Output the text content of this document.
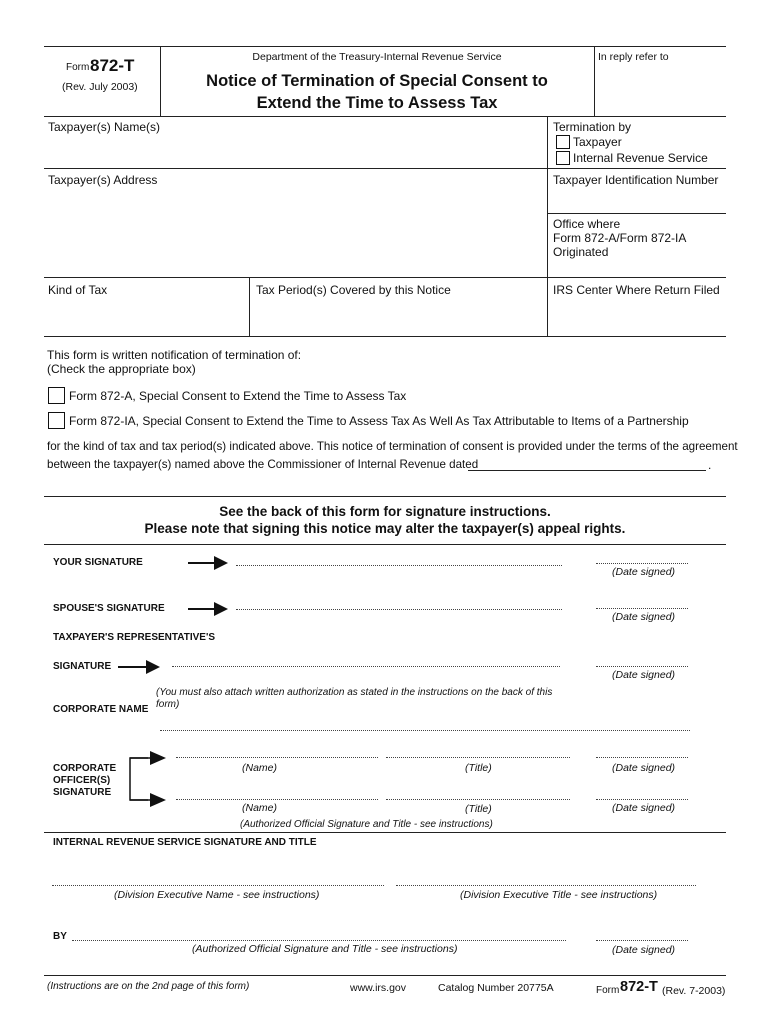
Form 872-T
(Rev. July 2003)
Department of the Treasury-Internal Revenue Service
Notice of Termination of Special Consent to
Extend the Time to Assess Tax
In reply refer to
Taxpayer(s) Name(s)	Termination by
Taxpayer
Internal Revenue Service
Taxpayer(s) Address	Taxpayer Identification Number
Office where
Form 872-A/Form 872-IA
Originated
Kind of Tax	Tax Period(s) Covered by this Notice	IRS Center Where Return Filed
This form is written notification of termination of:
(Check the appropriate box)
Form 872-A, Special Consent to Extend the Time to Assess Tax
Form 872-IA, Special Consent to Extend the Time to Assess Tax As Well As Tax Attributable to Items of a Partnership
for the kind of tax and tax period(s) indicated above. This notice of termination of consent is provided under the terms of the agreement
between the taxpayer(s) named above the Commissioner of Internal Revenue dated	.
See the back of this form for signature instructions.
Please note that signing this notice may alter the taxpayer(s) appeal rights.
YOUR SIGNATURE
(Date signed)
SPOUSE'S SIGNATURE
(Date signed)
TAXPAYER'S REPRESENTATIVE'S
SIGNATURE
(Date signed)
(You must also attach written authorization as stated in the instructions on the back of this
form)
CORPORATE NAME
CORPORATE
OFFICER(S)
SIGNATURE
(Name)	(Title)	(Date signed)
(Name)	(Title)	(Date signed)
(Authorized Official Signature and Title - see instructions)
INTERNAL REVENUE SERVICE SIGNATURE AND TITLE
(Division Executive Name - see instructions)	(Division Executive Title - see instructions)
BY
(Authorized Official Signature and Title - see instructions)	(Date signed)
(Instructions are on the 2nd page of this form)	www.irs.gov	Catalog Number 20775A	Form 872-T (Rev. 7-2003)
